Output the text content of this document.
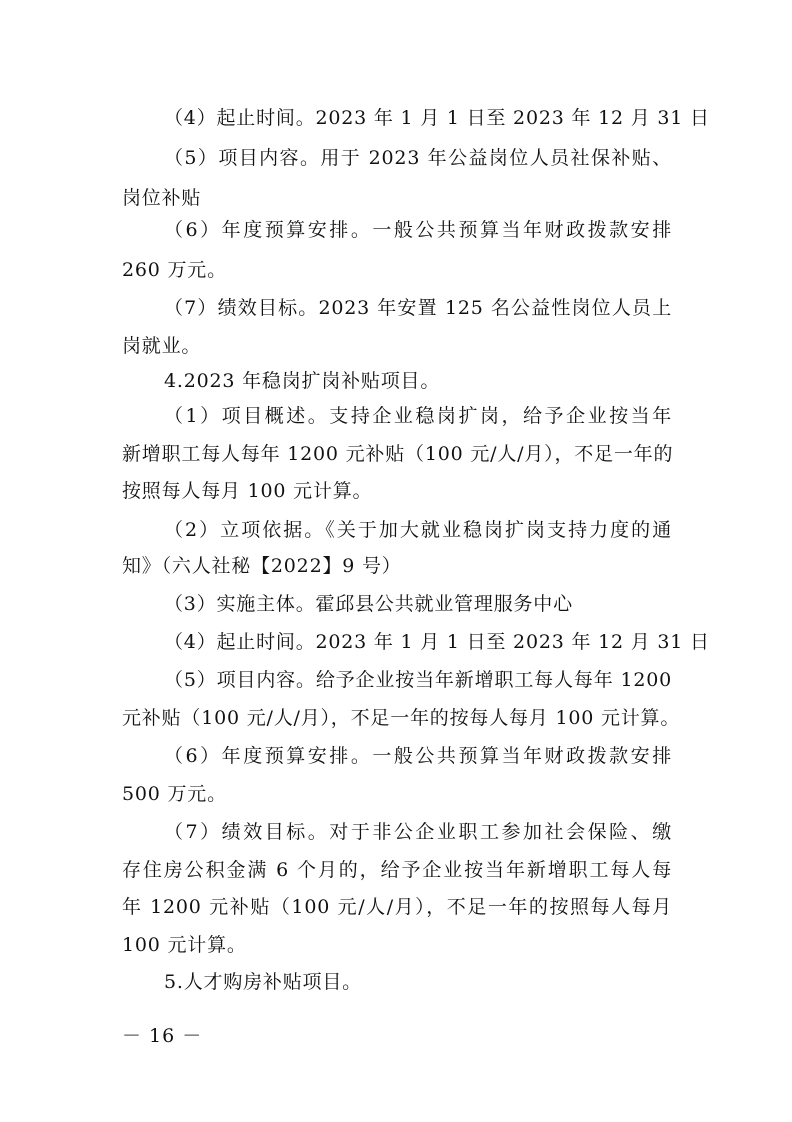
（4）起止时间。2023 年 1 月 1 日至 2023 年 12 月 31 日
（5）项目内容。用于 2023 年公益岗位人员社保补贴、
岗位补贴
（6）年度预算安排。一般公共预算当年财政拨款安排
260 万元。
（7）绩效目标。2023 年安置 125 名公益性岗位人员上
岗就业。
4.2023 年稳岗扩岗补贴项目。
（1）项目概述。支持企业稳岗扩岗，给予企业按当年
新增职工每人每年 1200 元补贴（100 元/人/月），不足一年的
按照每人每月 100 元计算。
（2）立项依据。《关于加大就业稳岗扩岗支持力度的通
知》（六人社秘【2022】9 号）
（3）实施主体。霍邱县公共就业管理服务中心
（4）起止时间。2023 年 1 月 1 日至 2023 年 12 月 31 日
（5）项目内容。给予企业按当年新增职工每人每年 1200
元补贴（100 元/人/月），不足一年的按每人每月 100 元计算。
（6）年度预算安排。一般公共预算当年财政拨款安排
500 万元。
（7）绩效目标。对于非公企业职工参加社会保险、缴
存住房公积金满 6 个月的，给予企业按当年新增职工每人每
年 1200 元补贴（100 元/人/月），不足一年的按照每人每月
100 元计算。
5.人才购房补贴项目。
－ 16 －
